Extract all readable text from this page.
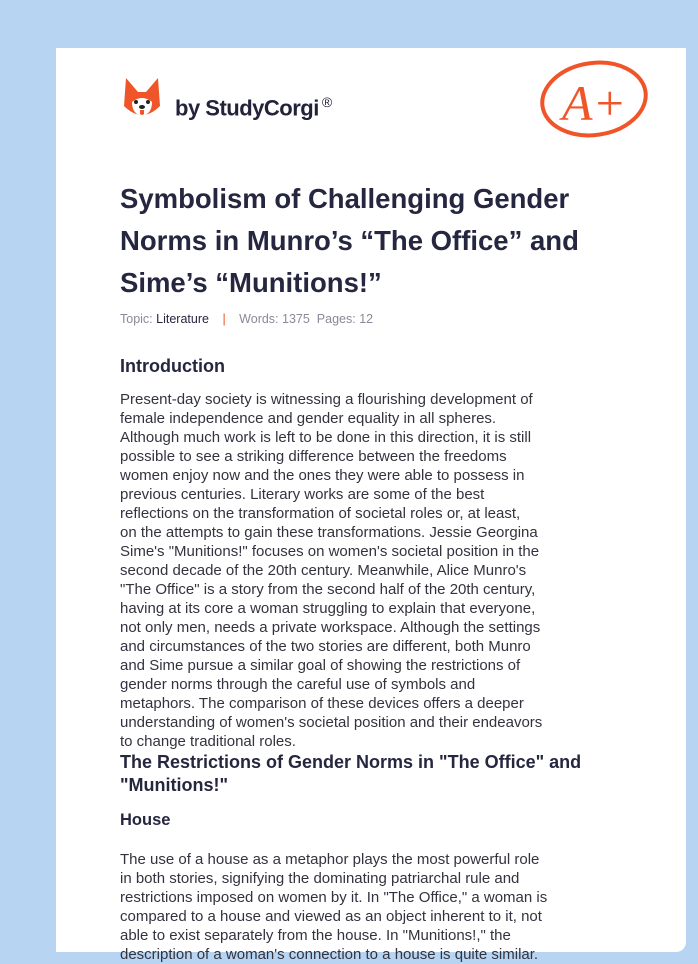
by StudyCorgi ®	A+
Symbolism of Challenging Gender Norms in Munro’s “The Office” and Sime’s “Munitions!”
Topic: Literature | Words: 1375 Pages: 12
Introduction
Present-day society is witnessing a flourishing development of
female independence and gender equality in all spheres.
Although much work is left to be done in this direction, it is still
possible to see a striking difference between the freedoms
women enjoy now and the ones they were able to possess in
previous centuries. Literary works are some of the best
reflections on the transformation of societal roles or, at least,
on the attempts to gain these transformations. Jessie Georgina
Sime's "Munitions!" focuses on women's societal position in the
second decade of the 20th century. Meanwhile, Alice Munro's
"The Office" is a story from the second half of the 20th century,
having at its core a woman struggling to explain that everyone,
not only men, needs a private workspace. Although the settings
and circumstances of the two stories are different, both Munro
and Sime pursue a similar goal of showing the restrictions of
gender norms through the careful use of symbols and
metaphors. The comparison of these devices offers a deeper
understanding of women's societal position and their endeavors
to change traditional roles.
The Restrictions of Gender Norms in "The Office" and "Munitions!"
House
The use of a house as a metaphor plays the most powerful role
in both stories, signifying the dominating patriarchal rule and
restrictions imposed on women by it. In "The Office," a woman is
compared to a house and viewed as an object inherent to it, not
able to exist separately from the house. In "Munitions!," the
description of a woman's connection to a house is quite similar.
